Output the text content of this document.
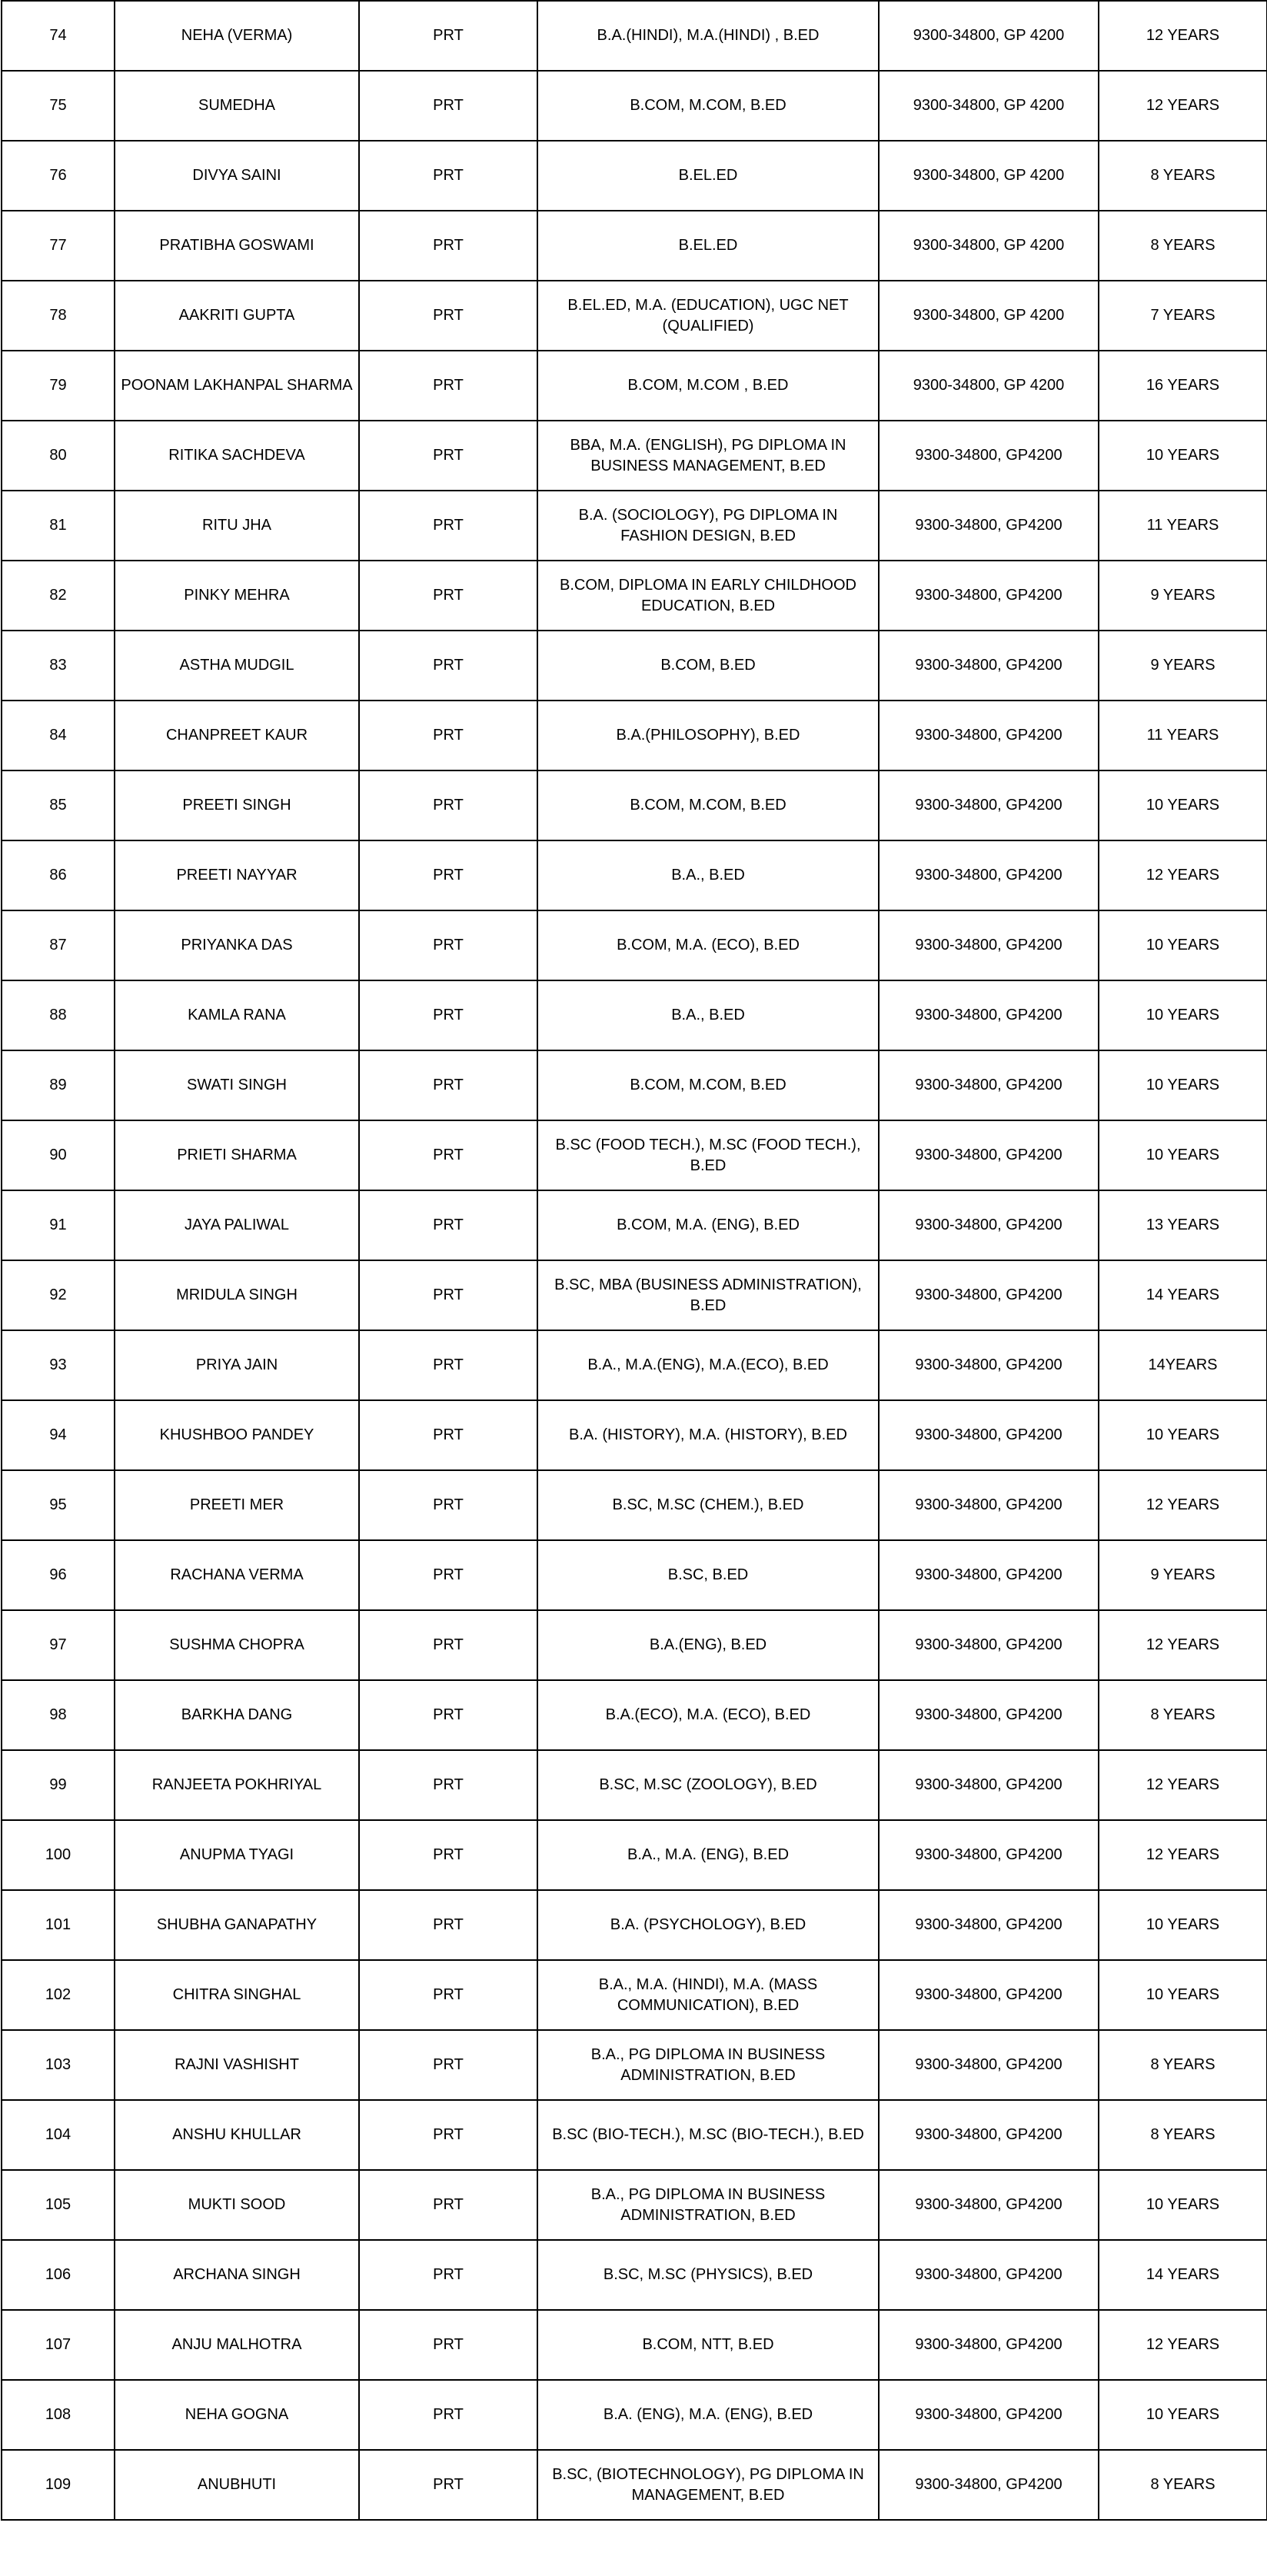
74	NEHA (VERMA)	PRT	B.A.(HINDI), M.A.(HINDI) , B.ED	9300-34800, GP 4200	12 YEARS
75	SUMEDHA	PRT	B.COM, M.COM, B.ED	9300-34800, GP 4200	12 YEARS
76	DIVYA SAINI	PRT	B.EL.ED	9300-34800, GP 4200	8 YEARS
77	PRATIBHA GOSWAMI	PRT	B.EL.ED	9300-34800, GP 4200	8 YEARS
78	AAKRITI GUPTA	PRT	B.EL.ED, M.A. (EDUCATION), UGC NET (QUALIFIED)	9300-34800, GP 4200	7 YEARS
79	POONAM LAKHANPAL SHARMA	PRT	B.COM, M.COM , B.ED	9300-34800, GP 4200	16 YEARS
80	RITIKA SACHDEVA	PRT	BBA, M.A. (ENGLISH), PG DIPLOMA IN BUSINESS MANAGEMENT, B.ED	9300-34800, GP4200	10 YEARS
81	RITU JHA	PRT	B.A. (SOCIOLOGY), PG DIPLOMA IN FASHION DESIGN, B.ED	9300-34800, GP4200	11 YEARS
82	PINKY MEHRA	PRT	B.COM, DIPLOMA IN EARLY CHILDHOOD EDUCATION, B.ED	9300-34800, GP4200	9 YEARS
83	ASTHA MUDGIL	PRT	B.COM, B.ED	9300-34800, GP4200	9 YEARS
84	CHANPREET KAUR	PRT	B.A.(PHILOSOPHY), B.ED	9300-34800, GP4200	11 YEARS
85	PREETI SINGH	PRT	B.COM, M.COM, B.ED	9300-34800, GP4200	10 YEARS
86	PREETI NAYYAR	PRT	B.A., B.ED	9300-34800, GP4200	12 YEARS
87	PRIYANKA DAS	PRT	B.COM, M.A. (ECO), B.ED	9300-34800, GP4200	10 YEARS
88	KAMLA RANA	PRT	B.A., B.ED	9300-34800, GP4200	10 YEARS
89	SWATI SINGH	PRT	B.COM, M.COM, B.ED	9300-34800, GP4200	10 YEARS
90	PRIETI SHARMA	PRT	B.SC (FOOD TECH.), M.SC (FOOD TECH.), B.ED	9300-34800, GP4200	10 YEARS
91	JAYA PALIWAL	PRT	B.COM, M.A. (ENG), B.ED	9300-34800, GP4200	13 YEARS
92	MRIDULA SINGH	PRT	B.SC, MBA (BUSINESS ADMINISTRATION), B.ED	9300-34800, GP4200	14 YEARS
93	PRIYA JAIN	PRT	B.A., M.A.(ENG), M.A.(ECO), B.ED	9300-34800, GP4200	14YEARS
94	KHUSHBOO PANDEY	PRT	B.A. (HISTORY), M.A. (HISTORY), B.ED	9300-34800, GP4200	10 YEARS
95	PREETI MER	PRT	B.SC, M.SC (CHEM.), B.ED	9300-34800, GP4200	12 YEARS
96	RACHANA VERMA	PRT	B.SC, B.ED	9300-34800, GP4200	9 YEARS
97	SUSHMA CHOPRA	PRT	B.A.(ENG), B.ED	9300-34800, GP4200	12 YEARS
98	BARKHA DANG	PRT	B.A.(ECO), M.A. (ECO), B.ED	9300-34800, GP4200	8 YEARS
99	RANJEETA POKHRIYAL	PRT	B.SC, M.SC (ZOOLOGY), B.ED	9300-34800, GP4200	12 YEARS
100	ANUPMA TYAGI	PRT	B.A., M.A. (ENG), B.ED	9300-34800, GP4200	12 YEARS
101	SHUBHA GANAPATHY	PRT	B.A. (PSYCHOLOGY), B.ED	9300-34800, GP4200	10 YEARS
102	CHITRA SINGHAL	PRT	B.A., M.A. (HINDI), M.A. (MASS COMMUNICATION), B.ED	9300-34800, GP4200	10 YEARS
103	RAJNI VASHISHT	PRT	B.A., PG DIPLOMA IN BUSINESS ADMINISTRATION, B.ED	9300-34800, GP4200	8 YEARS
104	ANSHU KHULLAR	PRT	B.SC (BIO-TECH.), M.SC (BIO-TECH.), B.ED	9300-34800, GP4200	8 YEARS
105	MUKTI SOOD	PRT	B.A., PG DIPLOMA IN BUSINESS ADMINISTRATION, B.ED	9300-34800, GP4200	10 YEARS
106	ARCHANA SINGH	PRT	B.SC, M.SC (PHYSICS), B.ED	9300-34800, GP4200	14 YEARS
107	ANJU MALHOTRA	PRT	B.COM, NTT, B.ED	9300-34800, GP4200	12 YEARS
108	NEHA GOGNA	PRT	B.A. (ENG), M.A. (ENG), B.ED	9300-34800, GP4200	10 YEARS
109	ANUBHUTI	PRT	B.SC, (BIOTECHNOLOGY), PG DIPLOMA IN MANAGEMENT, B.ED	9300-34800, GP4200	8 YEARS
